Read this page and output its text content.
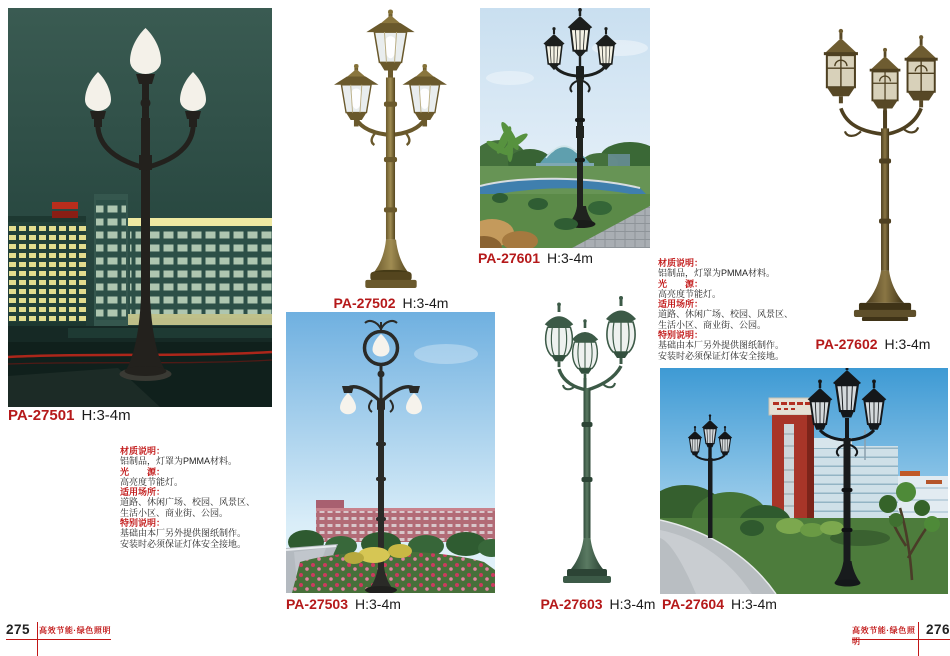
PA-27501 H:3-4m
材质说明：
铝制品，灯罩为PMMA材料。
光　　源：
高亮度节能灯。
适用场所：
道路、休闲广场、校园、风景区、
生活小区、商业街、公园。
特别说明：
基础由本厂另外提供图纸制作。
安装时必须保证灯体安全接地。
PA-27502 H:3-4m
PA-27503 H:3-4m
PA-27601 H:3-4m	材质说明：
铝制品，灯罩为PMMA材料。
光　　源：
高亮度节能灯。
适用场所：
道路、休闲广场、校园、风景区、
生活小区、商业街、公园。
特别说明：
基础由本厂另外提供图纸制作。
安装时必须保证灯体安全接地。
PA-27602 H:3-4m
PA-27603 H:3-4m PA-27604 H:3-4m
275 高效节能·绿色照明	高效节能·绿色照明
276
